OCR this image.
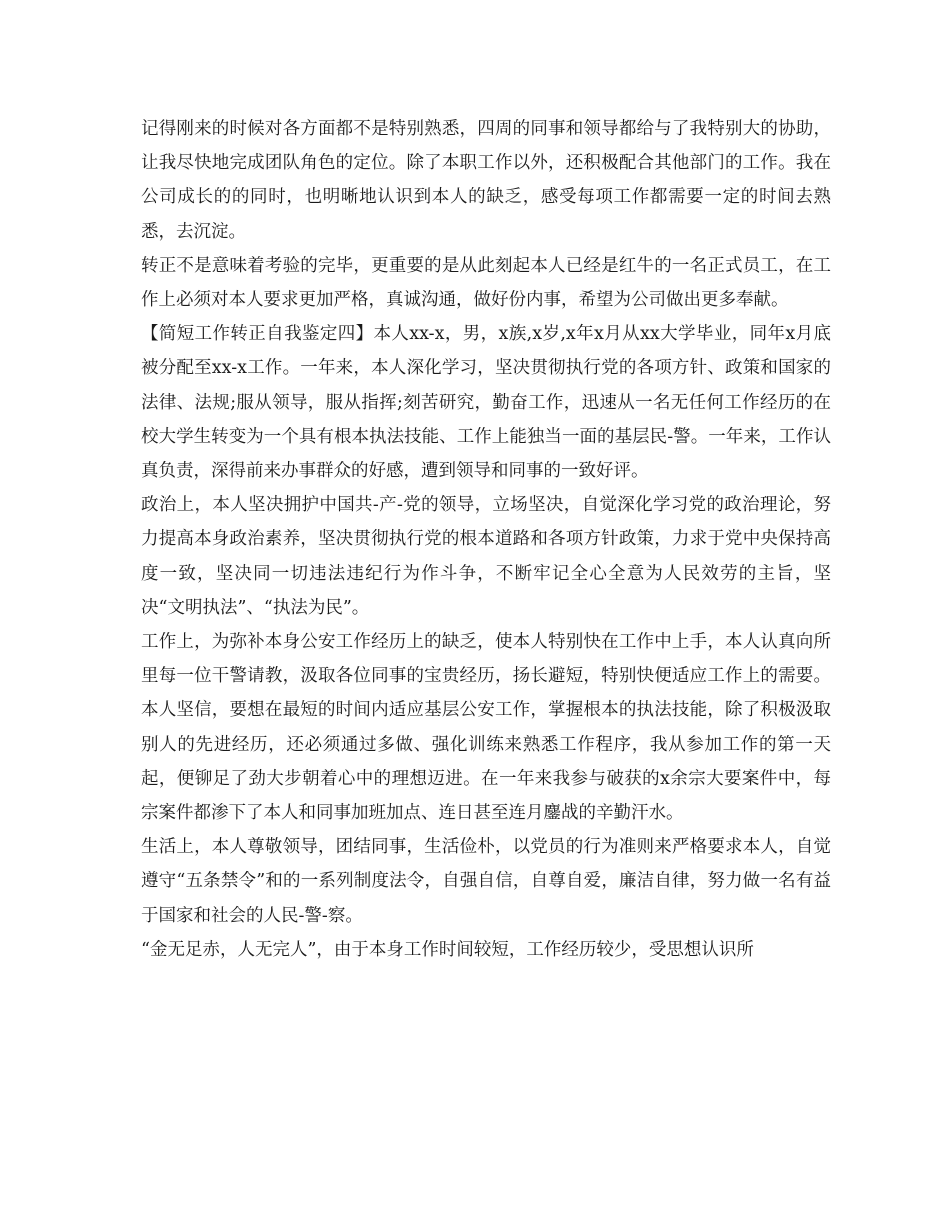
记得刚来的时候对各方面都不是特别熟悉，四周的同事和领导都给与了我特别大的协助，让我尽快地完成团队角色的定位。除了本职工作以外，还积极配合其他部门的工作。我在公司成长的的同时，也明晰地认识到本人的缺乏，感受每项工作都需要一定的时间去熟悉，去沉淀。

转正不是意味着考验的完毕，更重要的是从此刻起本人已经是红牛的一名正式员工，在工作上必须对本人要求更加严格，真诚沟通，做好份内事，希望为公司做出更多奉献。

【简短工作转正自我鉴定四】本人xx-x，男，x族,x岁,x年x月从xx大学毕业，同年x月底被分配至xx-x工作。一年来，本人深化学习，坚决贯彻执行党的各项方针、政策和国家的法律、法规;服从领导，服从指挥;刻苦研究，勤奋工作，迅速从一名无任何工作经历的在校大学生转变为一个具有根本执法技能、工作上能独当一面的基层民-警。一年来，工作认真负责，深得前来办事群众的好感，遭到领导和同事的一致好评。

政治上，本人坚决拥护中国共-产-党的领导，立场坚决，自觉深化学习党的政治理论，努力提高本身政治素养，坚决贯彻执行党的根本道路和各项方针政策，力求于党中央保持高度一致，坚决同一切违法违纪行为作斗争，不断牢记全心全意为人民效劳的主旨，坚决“文明执法”、“执法为民”。

工作上，为弥补本身公安工作经历上的缺乏，使本人特别快在工作中上手，本人认真向所里每一位干警请教，汲取各位同事的宝贵经历，扬长避短，特别快便适应工作上的需要。本人坚信，要想在最短的时间内适应基层公安工作，掌握根本的执法技能，除了积极汲取别人的先进经历，还必须通过多做、强化训练来熟悉工作程序，我从参加工作的第一天起，便铆足了劲大步朝着心中的理想迈进。在一年来我参与破获的x余宗大要案件中，每宗案件都渗下了本人和同事加班加点、连日甚至连月鏖战的辛勤汗水。

生活上，本人尊敬领导，团结同事，生活俭朴，以党员的行为准则来严格要求本人，自觉遵守“五条禁令”和的一系列制度法令，自强自信，自尊自爱，廉洁自律，努力做一名有益于国家和社会的人民-警-察。

“金无足赤，人无完人”，由于本身工作时间较短，工作经历较少，受思想认识所
